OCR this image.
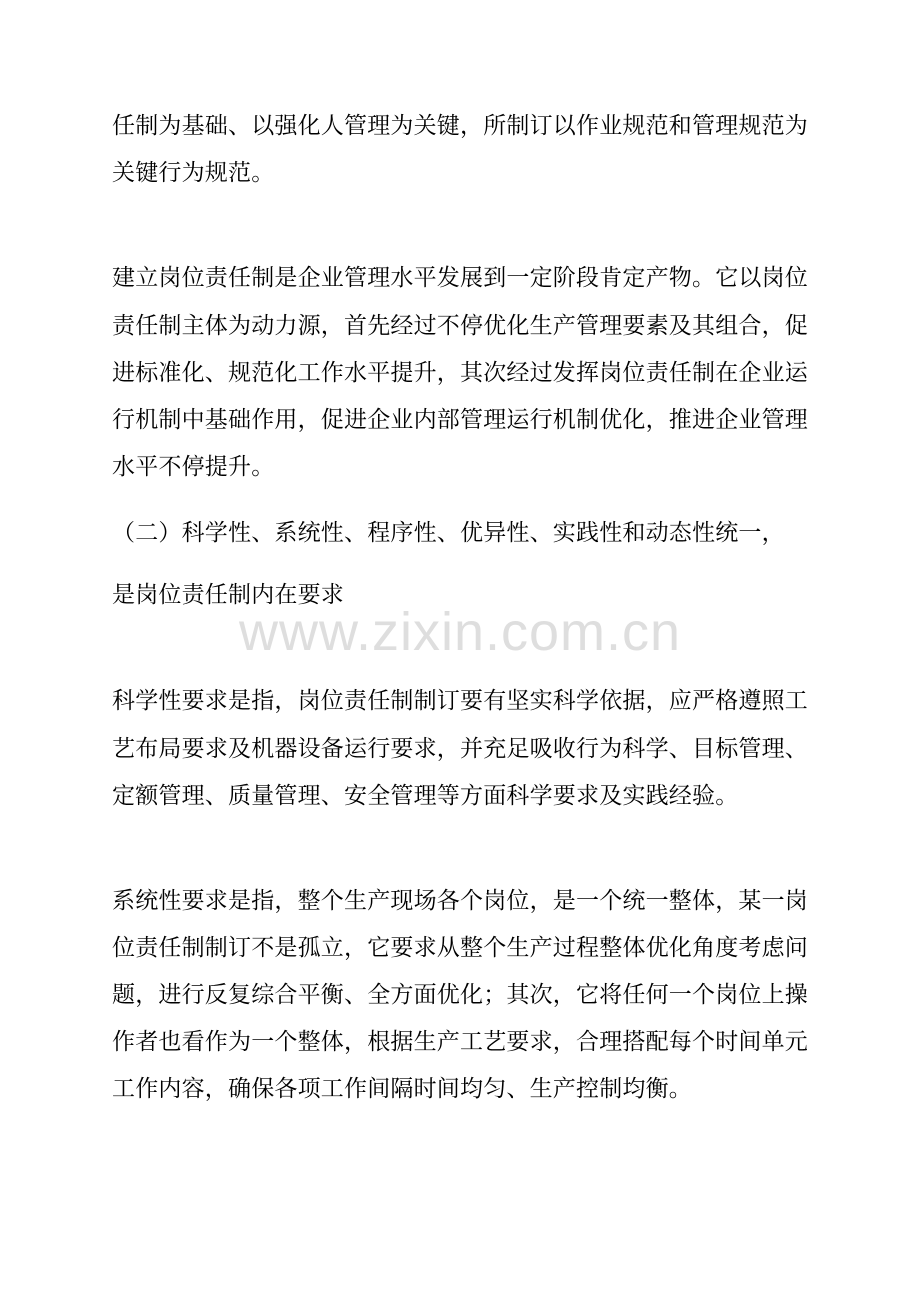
任制为基础、以强化人管理为关键，所制订以作业规范和管理规范为
关键行为规范。
建立岗位责任制是企业管理水平发展到一定阶段肯定产物。它以岗位
责任制主体为动力源，首先经过不停优化生产管理要素及其组合，促
进标准化、规范化工作水平提升，其次经过发挥岗位责任制在企业运
行机制中基础作用，促进企业内部管理运行机制优化，推进企业管理
水平不停提升。
（二）科学性、系统性、程序性、优异性、实践性和动态性统一，
是岗位责任制内在要求
www.zixin.com.cn
科学性要求是指，岗位责任制制订要有坚实科学依据，应严格遵照工
艺布局要求及机器设备运行要求，并充足吸收行为科学、目标管理、
定额管理、质量管理、安全管理等方面科学要求及实践经验。
系统性要求是指，整个生产现场各个岗位，是一个统一整体，某一岗
位责任制制订不是孤立，它要求从整个生产过程整体优化角度考虑问
题，进行反复综合平衡、全方面优化；其次，它将任何一个岗位上操
作者也看作为一个整体，根据生产工艺要求，合理搭配每个时间单元
工作内容，确保各项工作间隔时间均匀、生产控制均衡。
